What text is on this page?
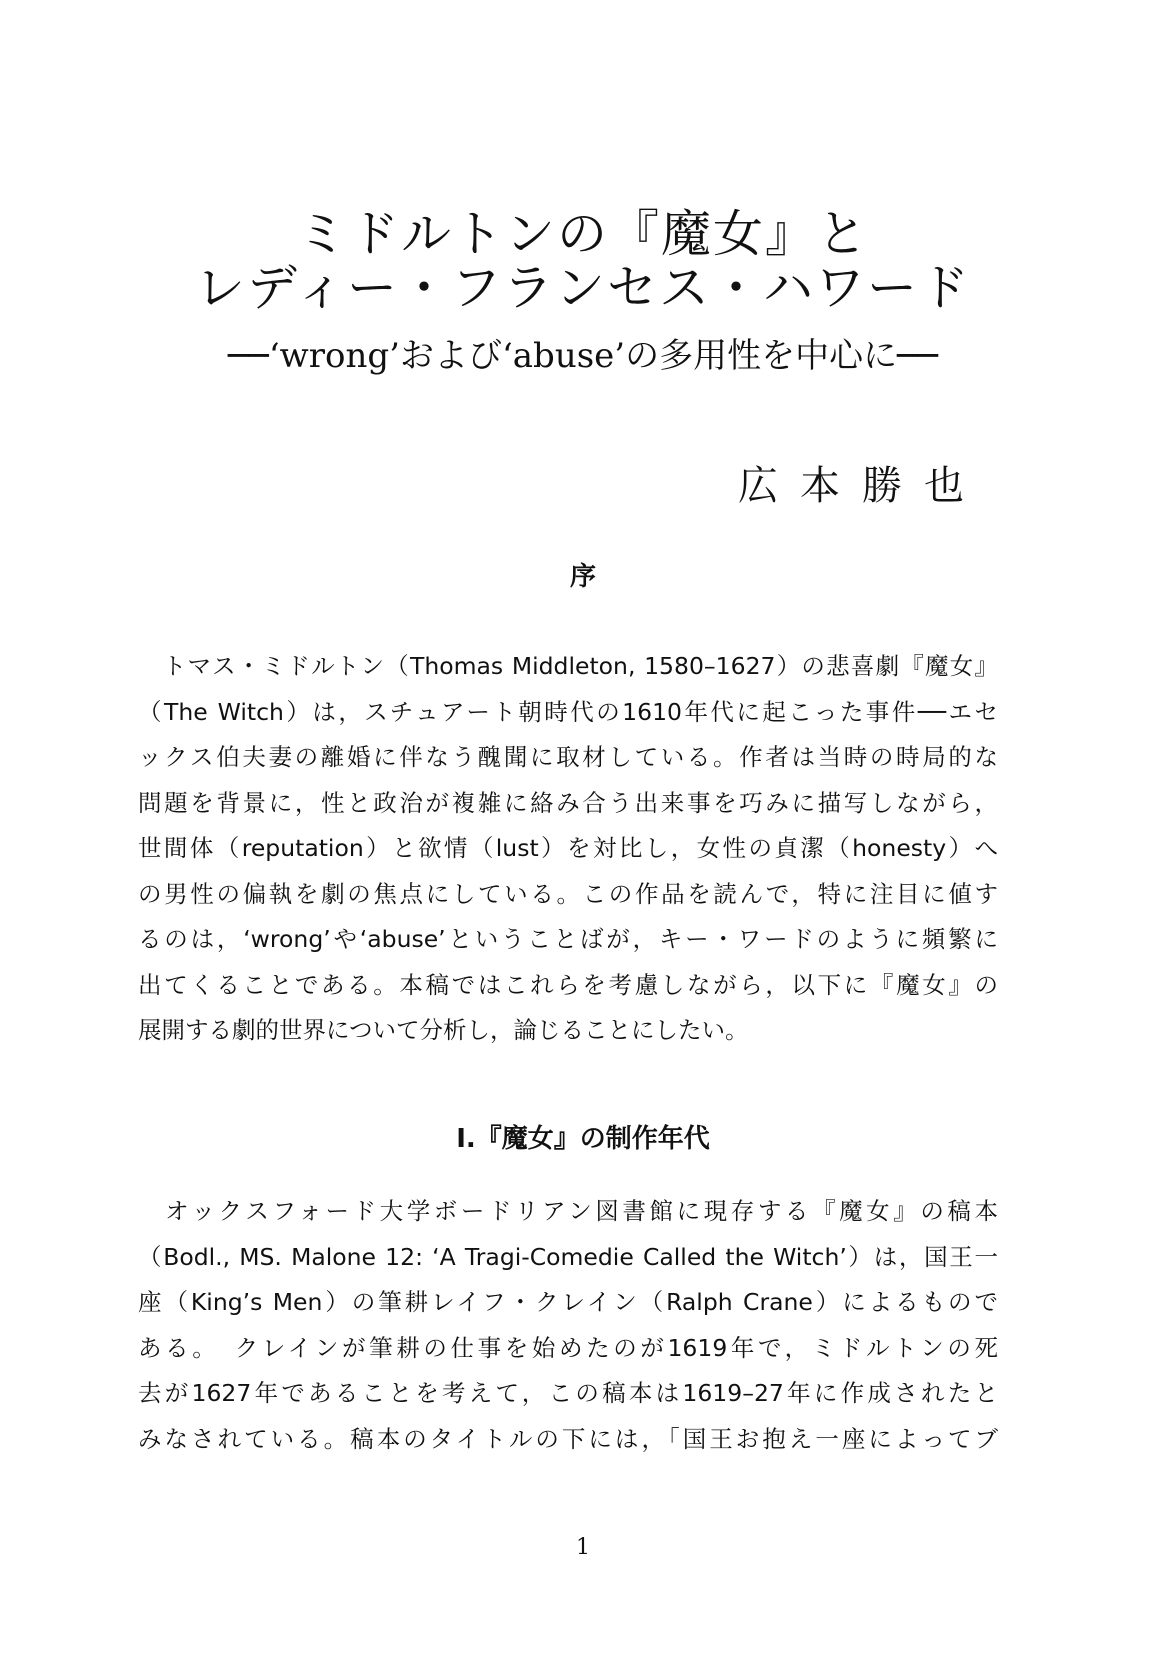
ミドルトンの『魔女』と
レディー・フランセス・ハワード

──‘wrong’および‘abuse’の多用性を中心に──

広本勝也

序
　トマス・ミドルトン（Thomas Middleton, 1580–1627）の悲喜劇『魔女』
（The Witch）は，スチュアート朝時代の1610年代に起こった事件──エセ
ックス伯夫妻の離婚に伴なう醜聞に取材している。作者は当時の時局的な
問題を背景に，性と政治が複雑に絡み合う出来事を巧みに描写しながら，
世間体（reputation）と欲情（lust）を対比し，女性の貞潔（honesty）へ
の男性の偏執を劇の焦点にしている。この作品を読んで，特に注目に値す
るのは，‘wrong’や‘abuse’ということばが，キー・ワードのように頻繁に
出てくることである。本稿ではこれらを考慮しながら，以下に『魔女』の
展開する劇的世界について分析し，論じることにしたい。
I.『魔女』の制作年代
　オックスフォード大学ボードリアン図書館に現存する『魔女』の稿本
（Bodl., MS. Malone 12: ‘A Tragi-Comedie Called the Witch’）は，国王一
座（King’s Men）の筆耕レイフ・クレイン（Ralph Crane）によるもので
ある。　クレインが筆耕の仕事を始めたのが1619年で，ミドルトンの死
去が1627年であることを考えて，この稿本は1619–27年に作成されたと
みなされている。稿本のタイトルの下には，「国王お抱え一座によってブ

1
